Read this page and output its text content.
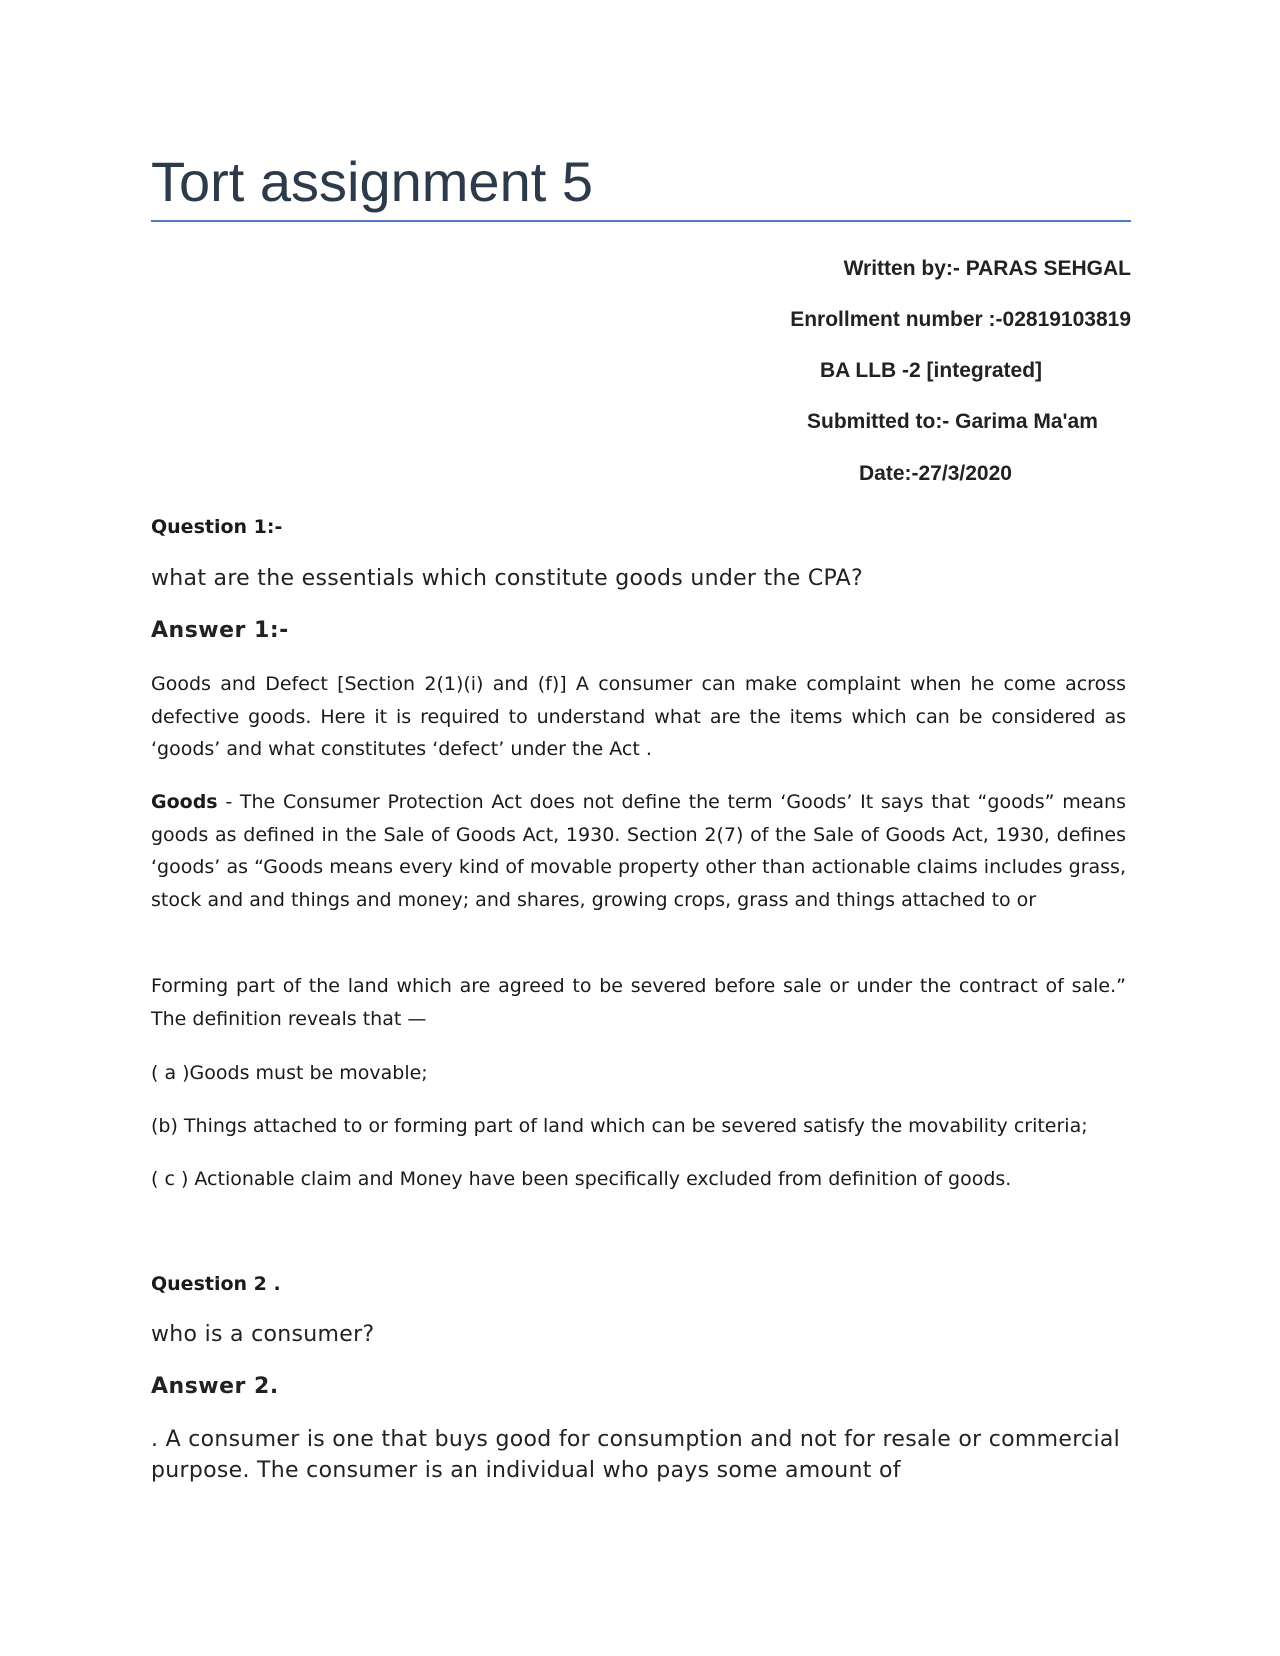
Tort assignment 5
Written by:- PARAS SEHGAL
Enrollment number :-02819103819
BA LLB -2 [integrated]
Submitted to:- Garima Ma'am
Date:-27/3/2020
Question 1:-

what are the essentials which constitute goods under the CPA?

Answer 1:-

Goods and Defect [Section 2(1)(i) and (f)] A consumer can make complaint when he come across defective goods. Here it is required to understand what are the items which can be considered as ‘goods’ and what constitutes ‘defect’ under the Act .

Goods - The Consumer Protection Act does not define the term ‘Goods’ It says that “goods” means goods as defined in the Sale of Goods Act, 1930. Section 2(7) of the Sale of Goods Act, 1930, defines ‘goods’ as “Goods means every kind of movable property other than actionable claims includes grass, stock and and things and money; and shares, growing crops, grass and things attached to or

Forming part of the land which are agreed to be severed before sale or under the contract of sale.” The definition reveals that —

( a )Goods must be movable;

(b) Things attached to or forming part of land which can be severed satisfy the movability criteria;

( c ) Actionable claim and Money have been specifically excluded from definition of goods.

Question 2 .

who is a consumer?

Answer 2.

. A consumer is one that buys good for consumption and not for resale or commercial purpose. The consumer is an individual who pays some amount of
